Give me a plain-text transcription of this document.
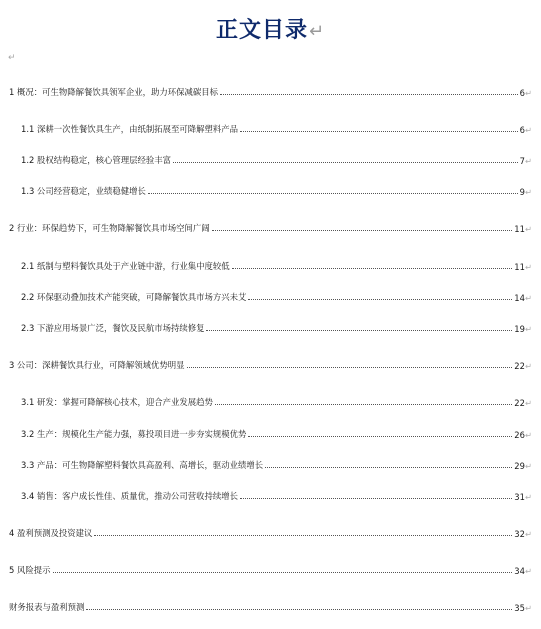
正文目录↵
↵
1 概况：可生物降解餐饮具领军企业，助力环保减碳目标	6↵
1.1 深耕一次性餐饮具生产，由纸制拓展至可降解塑料产品	6↵
1.2 股权结构稳定，核心管理层经验丰富	7↵
1.3 公司经营稳定，业绩稳健增长	9↵
2 行业：环保趋势下，可生物降解餐饮具市场空间广阔	11↵
2.1 纸制与塑料餐饮具处于产业链中游，行业集中度较低	11↵
2.2 环保驱动叠加技术产能突破，可降解餐饮具市场方兴未艾	14↵
2.3 下游应用场景广泛，餐饮及民航市场持续修复	19↵
3 公司：深耕餐饮具行业，可降解领域优势明显	22↵
3.1 研发：掌握可降解核心技术，迎合产业发展趋势	22↵
3.2 生产：规模化生产能力强，募投项目进一步夯实规模优势	26↵
3.3 产品：可生物降解塑料餐饮具高盈利、高增长，驱动业绩增长	29↵
3.4 销售：客户成长性佳、质量优，推动公司营收持续增长	31↵
4 盈利预测及投资建议	32↵
5 风险提示	34↵
财务报表与盈利预测	35↵
